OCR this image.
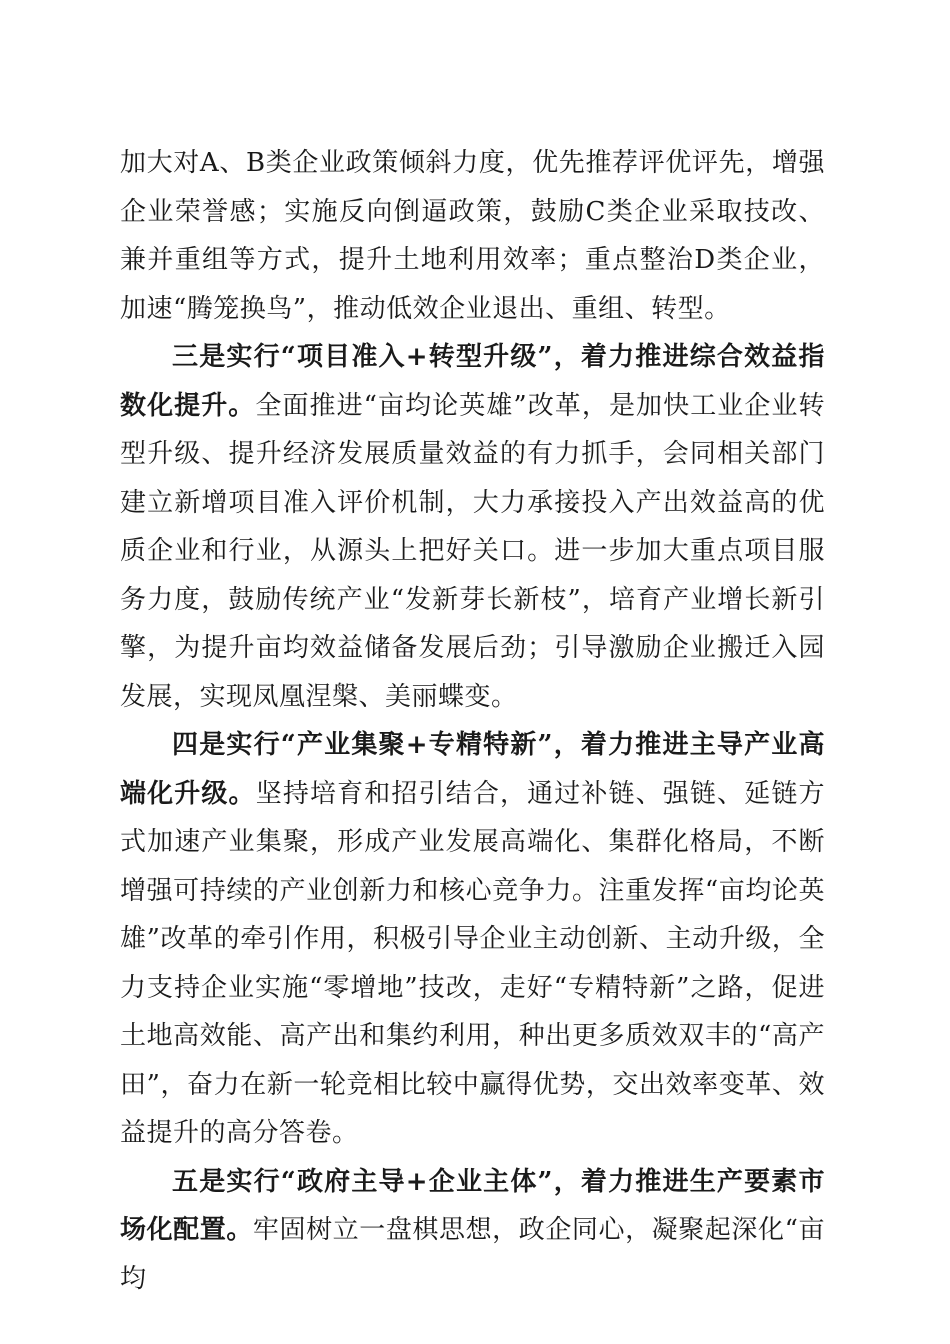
加大对A、B类企业政策倾斜力度，优先推荐评优评先，增强企业荣誉感；实施反向倒逼政策，鼓励C类企业采取技改、兼并重组等方式，提升土地利用效率；重点整治D类企业，加速“腾笼换鸟”，推动低效企业退出、重组、转型。

三是实行“项目准入+转型升级”，着力推进综合效益指数化提升。全面推进“亩均论英雄”改革，是加快工业企业转型升级、提升经济发展质量效益的有力抓手，会同相关部门建立新增项目准入评价机制，大力承接投入产出效益高的优质企业和行业，从源头上把好关口。进一步加大重点项目服务力度，鼓励传统产业“发新芽长新枝”，培育产业增长新引擎，为提升亩均效益储备发展后劲；引导激励企业搬迁入园发展，实现凤凰涅槃、美丽蝶变。

四是实行“产业集聚+专精特新”，着力推进主导产业高端化升级。坚持培育和招引结合，通过补链、强链、延链方式加速产业集聚，形成产业发展高端化、集群化格局，不断增强可持续的产业创新力和核心竞争力。注重发挥“亩均论英雄”改革的牵引作用，积极引导企业主动创新、主动升级，全力支持企业实施“零增地”技改，走好“专精特新”之路，促进土地高效能、高产出和集约利用，种出更多质效双丰的“高产田”，奋力在新一轮竞相比较中赢得优势，交出效率变革、效益提升的高分答卷。

五是实行“政府主导+企业主体”，着力推进生产要素市场化配置。牢固树立一盘棋思想，政企同心，凝聚起深化“亩均
